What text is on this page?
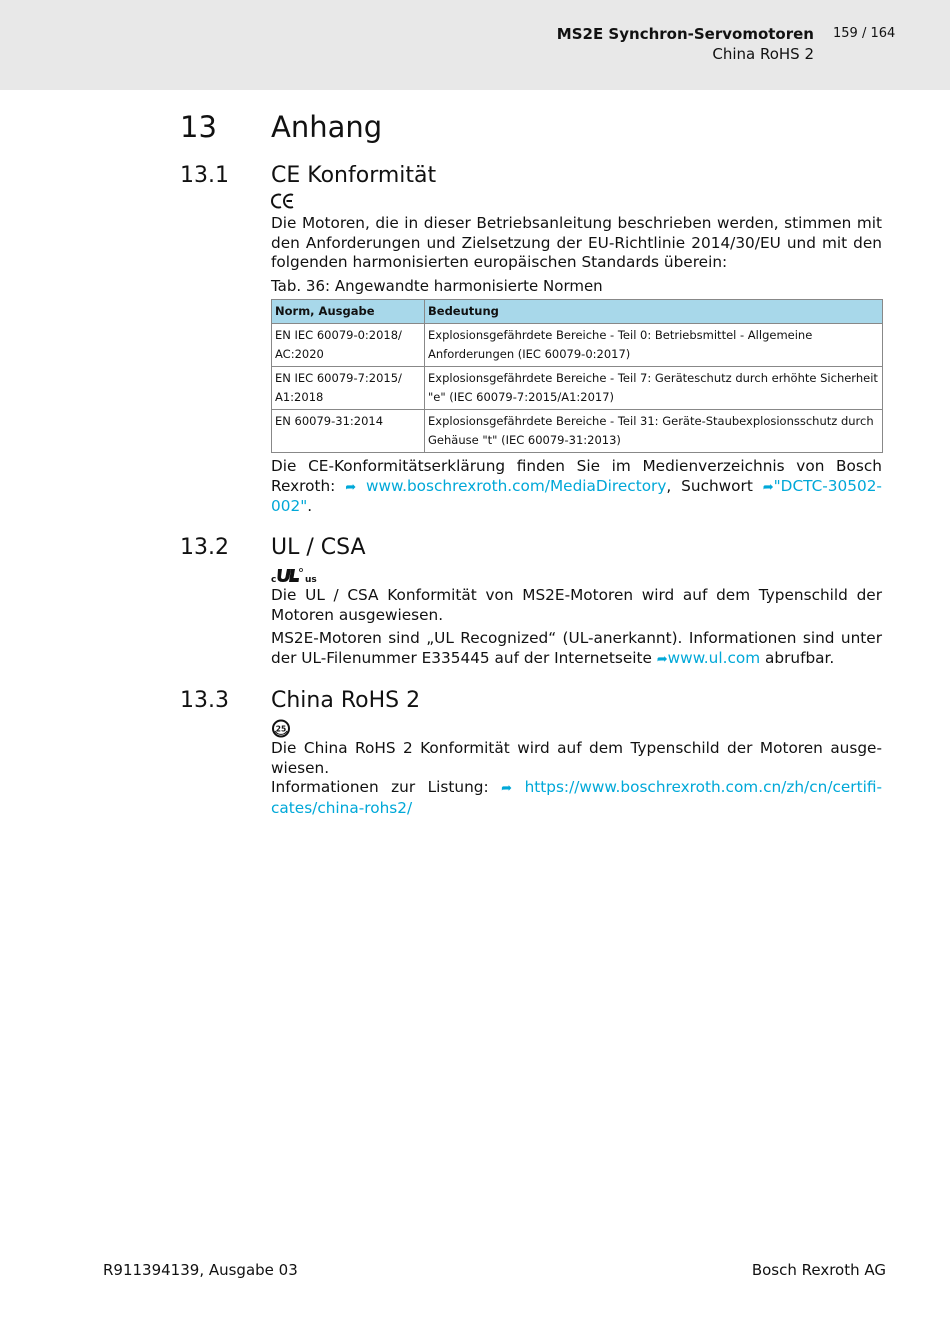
MS2E Synchron-Servomotoren
China RoHS 2
159 / 164
13 Anhang
13.1 CE Konformität
Die Motoren, die in dieser Betriebsanleitung beschrieben werden, stimmen mit den Anforderungen und Zielsetzung der EU-Richtlinie 2014/30/EU und mit den folgenden harmonisierten europäischen Standards überein:
Tab. 36: Angewandte harmonisierte Normen
Norm, Ausgabe	Bedeutung
EN IEC 60079-0:2018/ AC:2020	Explosionsgefährdete Bereiche - Teil 0: Betriebsmittel - Allgemeine Anforderungen (IEC 60079-0:2017)
EN IEC 60079-7:2015/ A1:2018	Explosionsgefährdete Bereiche - Teil 7: Geräteschutz durch erhöhte Sicherheit "e" (IEC 60079-7:2015/A1:2017)
EN 60079-31:2014	Explosionsgefährdete Bereiche - Teil 31: Geräte-Staubexplosionsschutz durch Gehäuse "t" (IEC 60079-31:2013)
Die CE-Konformitätserklärung finden Sie im Medienverzeichnis von Bosch Rexroth: ➦ www.boschrexroth.com/MediaDirectory, Suchwort ➦"DCTC-30502-002".
13.2 UL / CSA
c	us
Die UL / CSA Konformität von MS2E-Motoren wird auf dem Typenschild der Motoren ausgewiesen.
MS2E-Motoren sind „UL Recognized“ (UL-anerkannt). Informationen sind unter der UL-Filenummer E335445 auf der Internetseite ➦www.ul.com abrufbar.
13.3 China RoHS 2
25
Die China RoHS 2 Konformität wird auf dem Typenschild der Motoren ausge-wiesen.
Informationen zur Listung: ➦ https://www.boschrexroth.com.cn/zh/cn/certifi-cates/china-rohs2/
R911394139, Ausgabe 03	Bosch Rexroth AG
